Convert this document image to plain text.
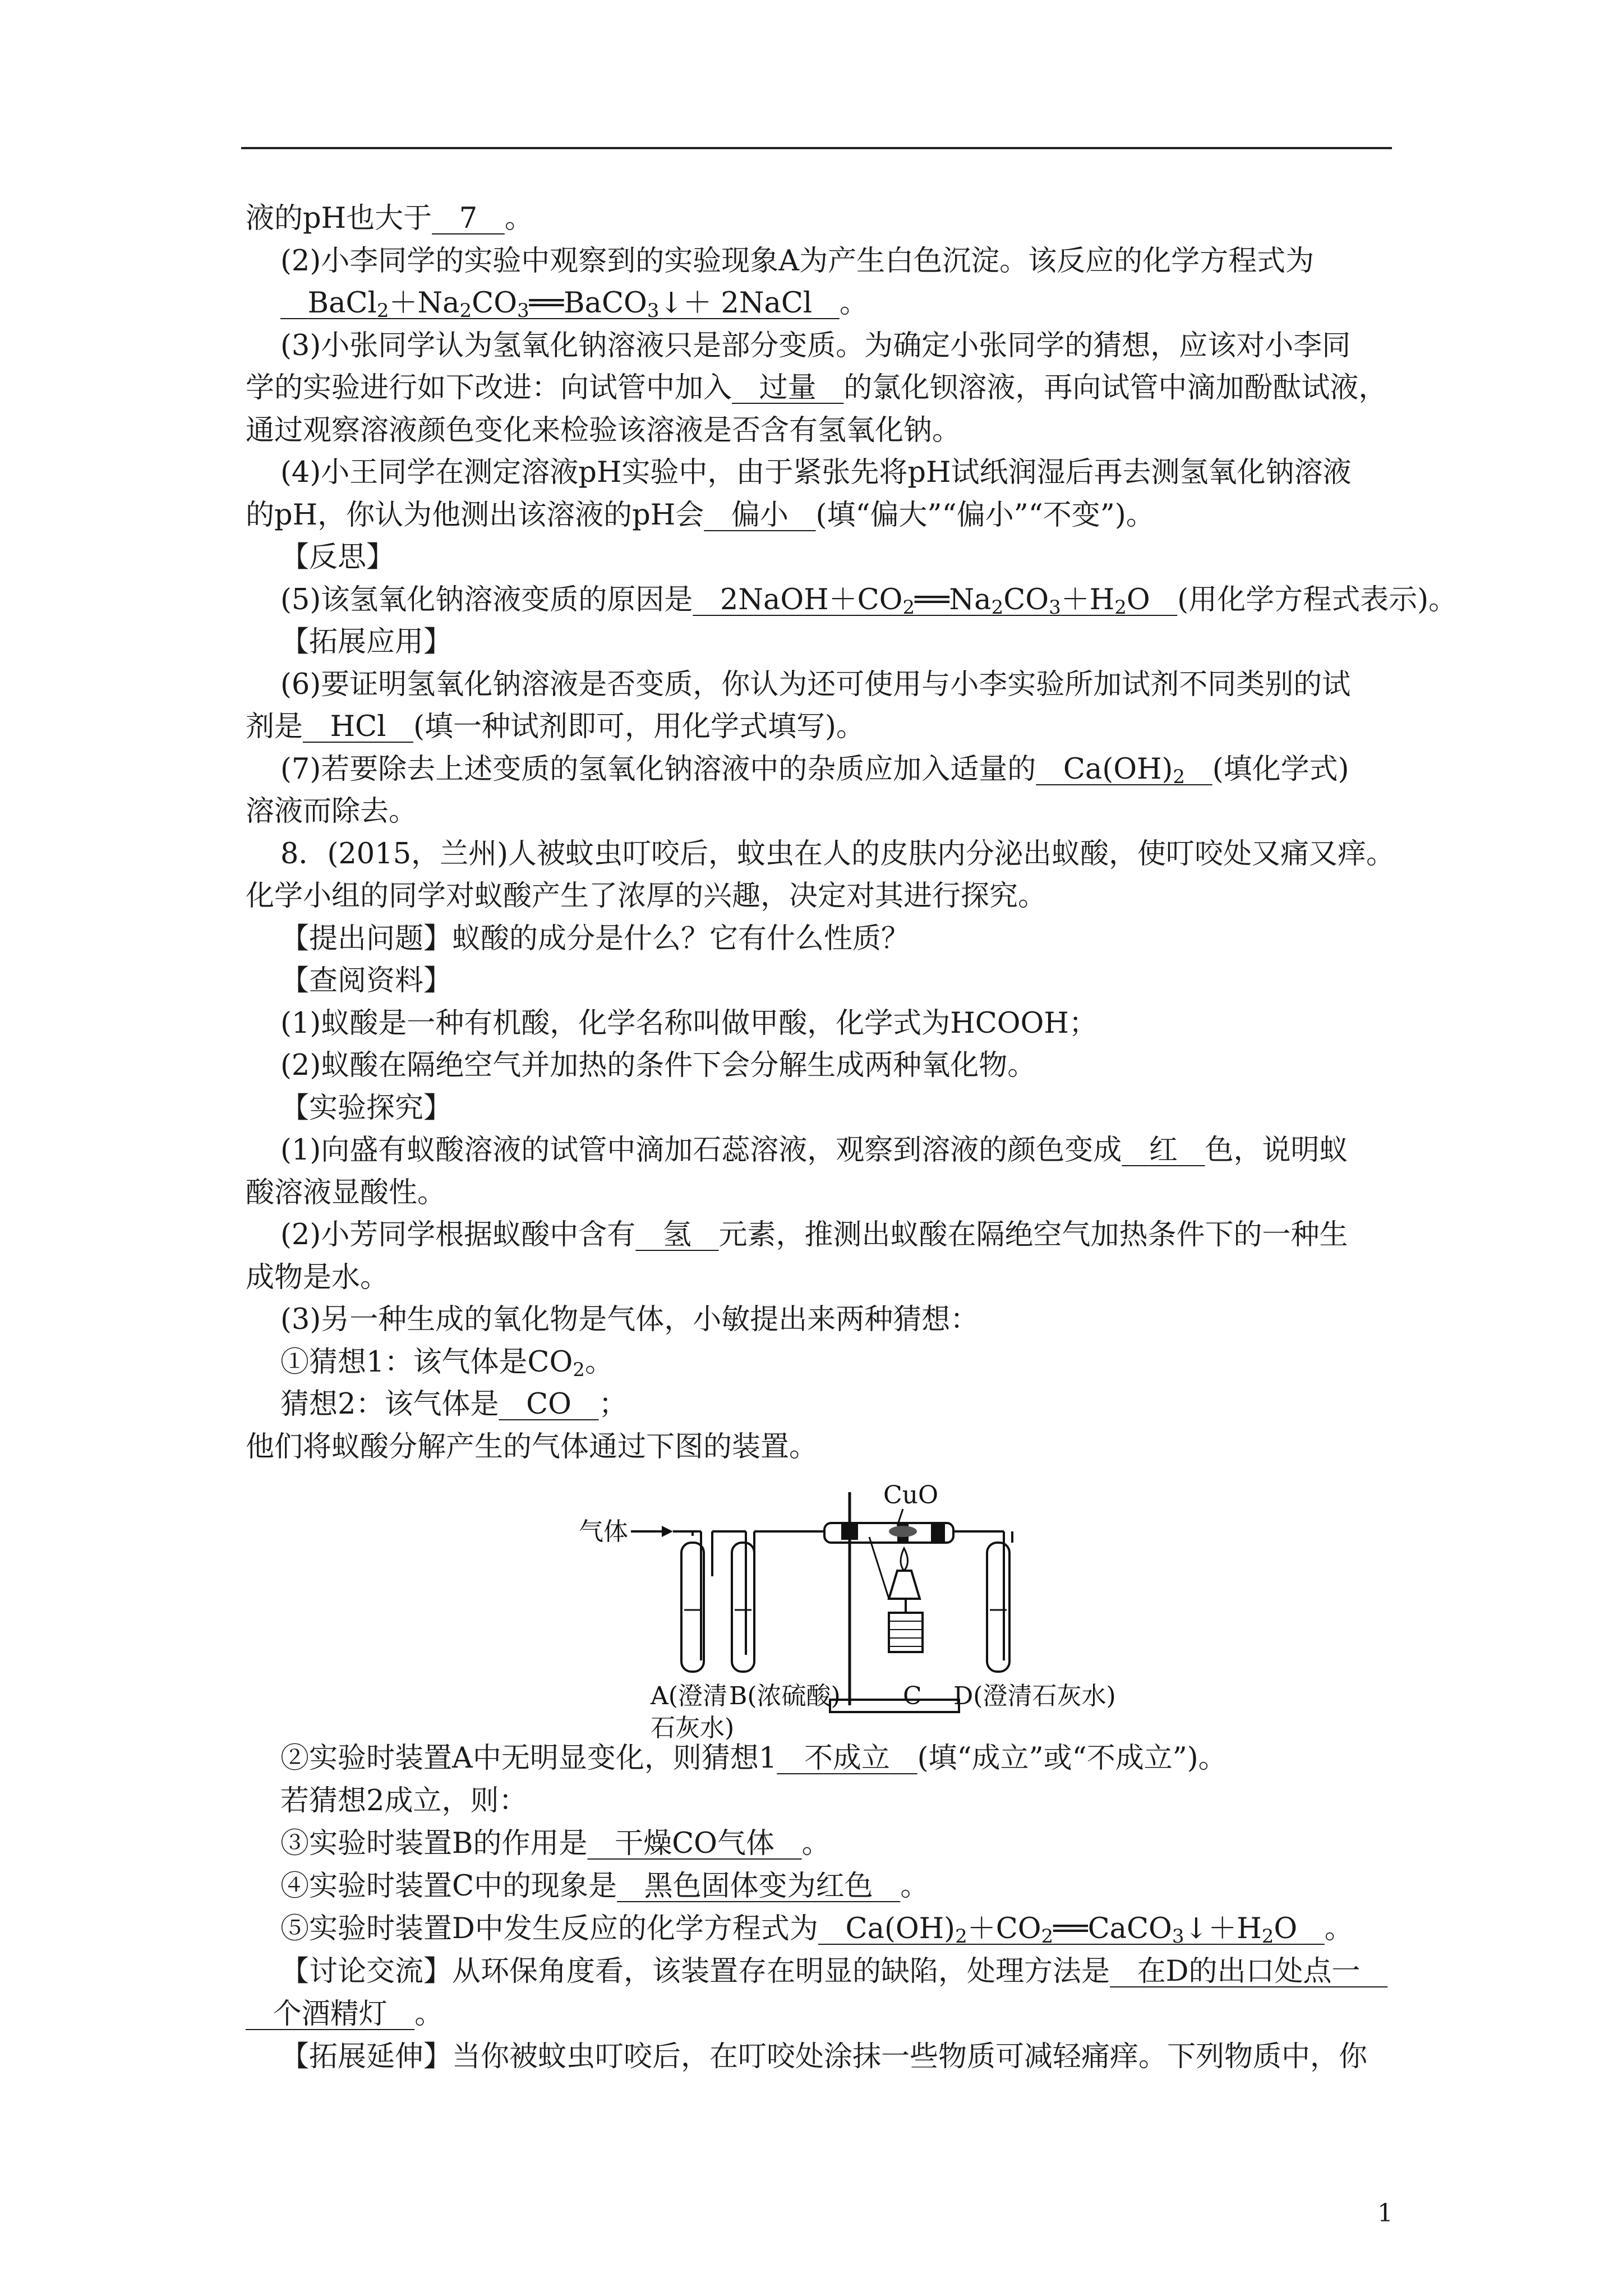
液的pH也大于 7 。
(2)小李同学的实验中观察到的实验现象A为产生白色沉淀。该反应的化学方程式为
$BaCl_2+Na_2CO_3══BaCO_3↓+$ 2NaCl 。
(3)小张同学认为氢氧化钠溶液只是部分变质。为确定小张同学的猜想，应该对小李同
学的实验进行如下改进：向试管中加入 过量 的氯化钡溶液，再向试管中滴加酚酞试液，
通过观察溶液颜色变化来检验该溶液是否含有氢氧化钠。
(4)小王同学在测定溶液pH实验中，由于紧张先将pH试纸润湿后再去测氢氧化钠溶液
的pH，你认为他测出该溶液的pH会 偏小 (填“偏大”“偏小”“不变”)。
【反思】
(5)该氢氧化钠溶液变质的原因是 $2NaOH+CO_2══Na_2CO_3+H_2O$ (用化学方程式表示)。
【拓展应用】
(6)要证明氢氧化钠溶液是否变质，你认为还可使用与小李实验所加试剂不同类别的试
剂是 HCl (填一种试剂即可，用化学式填写)。
(7)若要除去上述变质的氢氧化钠溶液中的杂质应加入适量的 $Ca(OH)_2$ (填化学式)
溶液而除去。
8．(2015，兰州)人被蚊虫叮咬后，蚊虫在人的皮肤内分泌出蚁酸，使叮咬处又痛又痒。
化学小组的同学对蚁酸产生了浓厚的兴趣，决定对其进行探究。
【提出问题】蚁酸的成分是什么？它有什么性质？
【查阅资料】
(1)蚁酸是一种有机酸，化学名称叫做甲酸，化学式为HCOOH；
(2)蚁酸在隔绝空气并加热的条件下会分解生成两种氧化物。
【实验探究】
(1)向盛有蚁酸溶液的试管中滴加石蕊溶液，观察到溶液的颜色变成 红 色，说明蚁
酸溶液显酸性。
(2)小芳同学根据蚁酸中含有 氢 元素，推测出蚁酸在隔绝空气加热条件下的一种生
成物是水。
(3)另一种生成的氧化物是气体，小敏提出来两种猜想：
①猜想1：该气体是$CO_2$。
猜想2：该气体是 CO ；
他们将蚁酸分解产生的气体通过下图的装置。
气体
CuO
A(澄清
石灰水)
B(浓硫酸)	C D(澄清石灰水)
②实验时装置A中无明显变化，则猜想1 不成立 (填“成立”或“不成立”)。
若猜想2成立，则：
③实验时装置B的作用是 干燥CO气体 。
④实验时装置C中的现象是 黑色固体变为红色 。
⑤实验时装置D中发生反应的化学方程式为 $Ca(OH)_2+CO_2══CaCO_3↓+H_2O$ 。
【讨论交流】从环保角度看，该装置存在明显的缺陷，处理方法是 在D的出口处点一
个酒精灯 。
【拓展延伸】当你被蚊虫叮咬后，在叮咬处涂抹一些物质可减轻痛痒。下列物质中，你
1
